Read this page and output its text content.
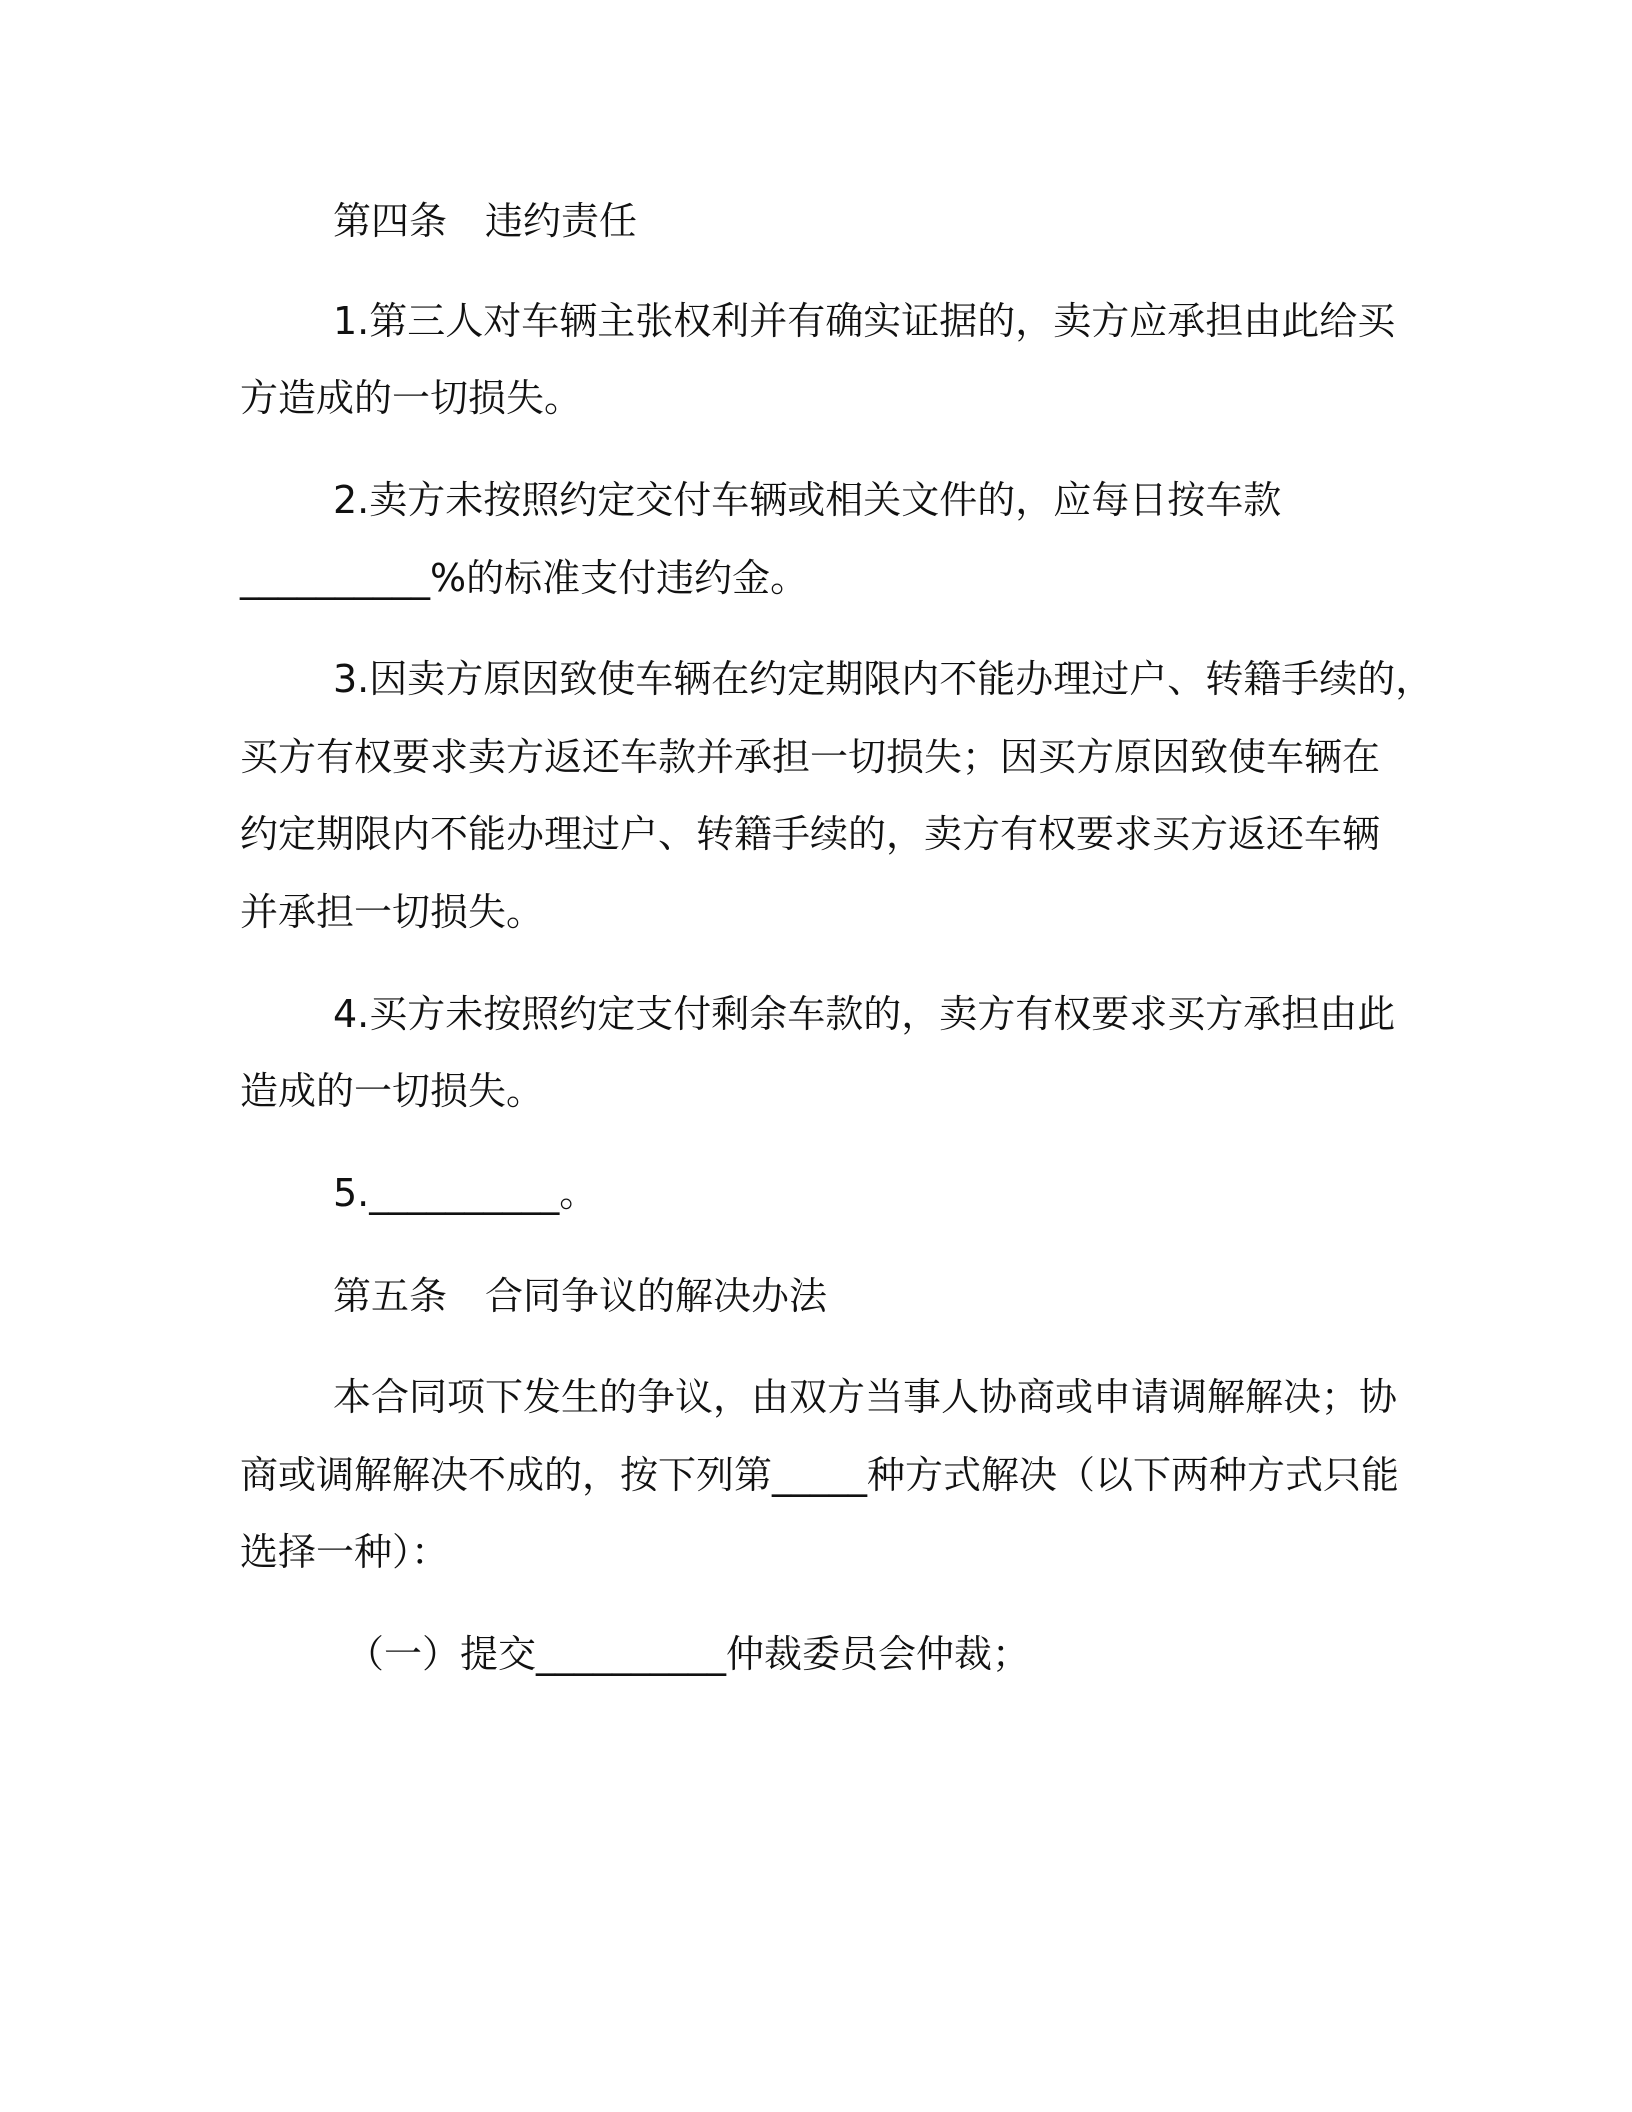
第四条　违约责任
1.第三人对车辆主张权利并有确实证据的，卖方应承担由此给买
方造成的一切损失。
2.卖方未按照约定交付车辆或相关文件的，应每日按车款
__________%的标准支付违约金。
3.因卖方原因致使车辆在约定期限内不能办理过户、转籍手续的，
买方有权要求卖方返还车款并承担一切损失；因买方原因致使车辆在
约定期限内不能办理过户、转籍手续的，卖方有权要求买方返还车辆
并承担一切损失。
4.买方未按照约定支付剩余车款的，卖方有权要求买方承担由此
造成的一切损失。
5.__________。
第五条　合同争议的解决办法
本合同项下发生的争议，由双方当事人协商或申请调解解决；协
商或调解解决不成的，按下列第_____种方式解决（以下两种方式只能
选择一种）：
（一）提交__________仲裁委员会仲裁；
